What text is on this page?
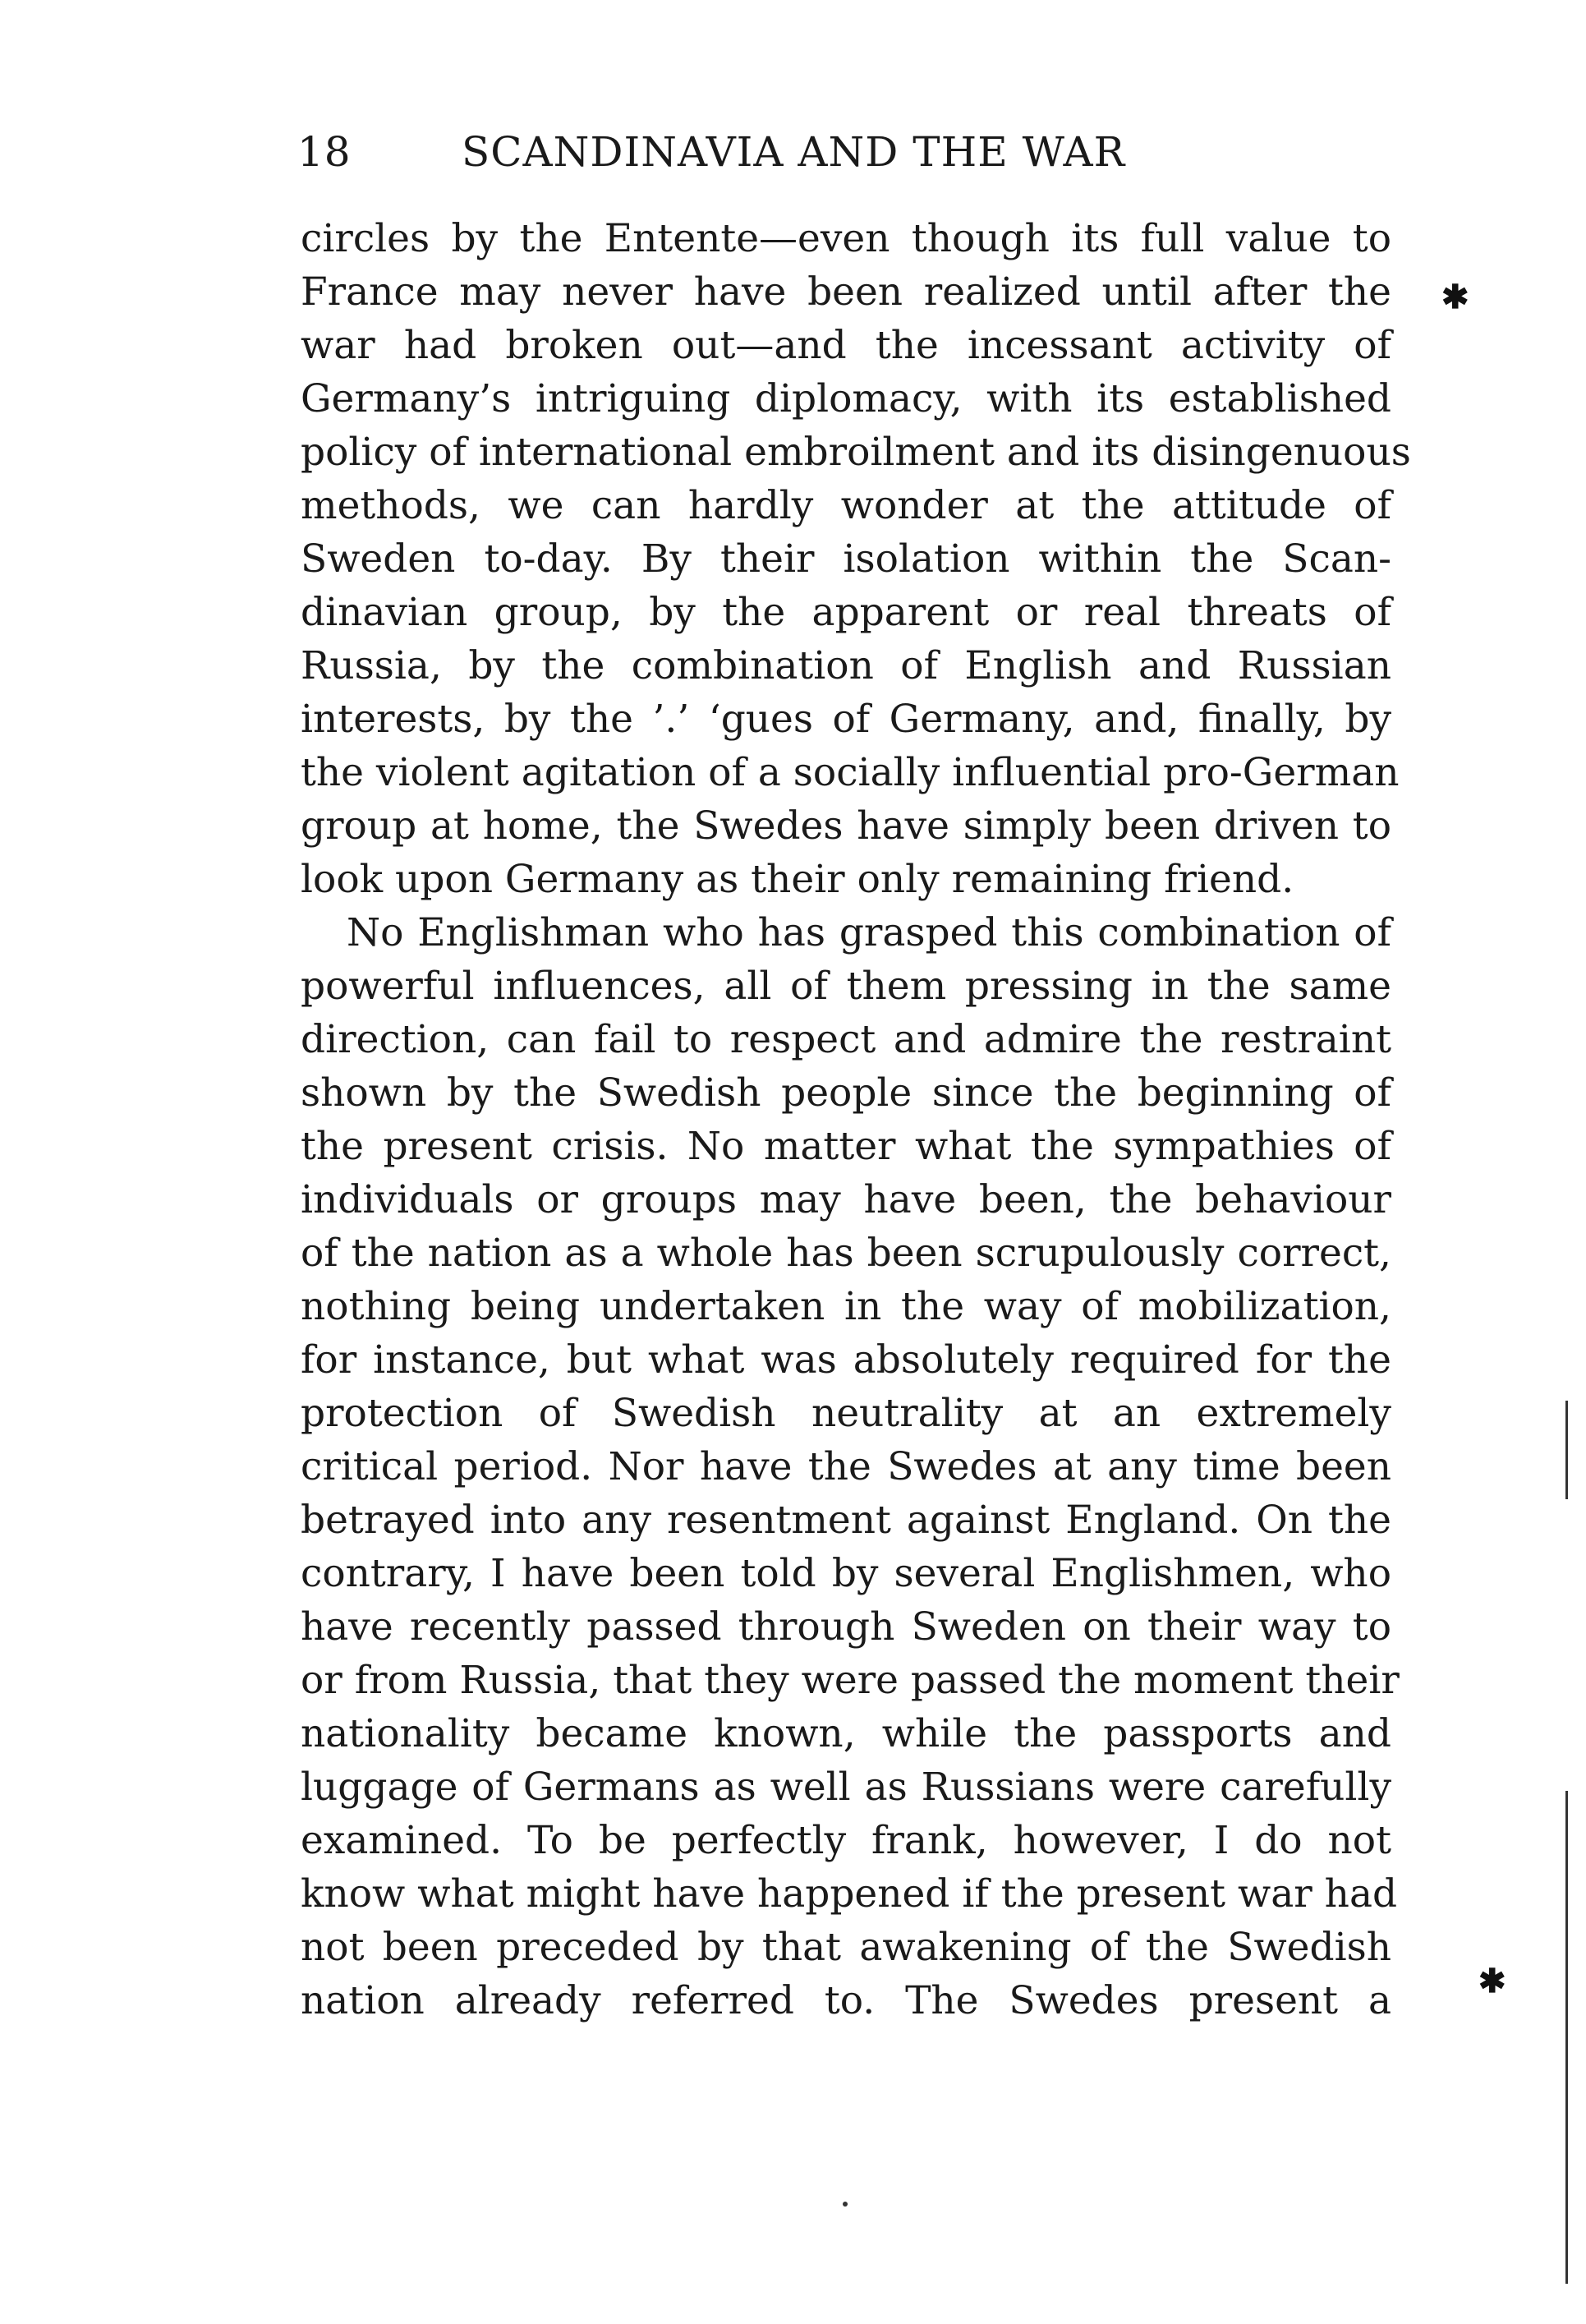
18	SCANDINAVIA AND THE WAR
circles by the Entente—even though its full value to
France may never have been realized until after the
war had broken out—and the incessant activity of
Germany’s intriguing diplomacy, with its established
policy of international embroilment and its disingenuous
methods, we can hardly wonder at the attitude of
Sweden to-day. By their isolation within the Scan-
dinavian group, by the apparent or real threats of
Russia, by the combination of English and Russian
interests, by the ’.’ ‘gues of Germany, and, finally, by
the violent agitation of a socially influential pro-German
group at home, the Swedes have simply been driven to
look upon Germany as their only remaining friend.
No Englishman who has grasped this combination of
powerful influences, all of them pressing in the same
direction, can fail to respect and admire the restraint
shown by the Swedish people since the beginning of
the present crisis. No matter what the sympathies of
individuals or groups may have been, the behaviour
of the nation as a whole has been scrupulously correct,
nothing being undertaken in the way of mobilization,
for instance, but what was absolutely required for the
protection of Swedish neutrality at an extremely
critical period. Nor have the Swedes at any time been
betrayed into any resentment against England. On the
contrary, I have been told by several Englishmen, who
have recently passed through Sweden on their way to
or from Russia, that they were passed the moment their
nationality became known, while the passports and
luggage of Germans as well as Russians were carefully
examined. To be perfectly frank, however, I do not
know what might have happened if the present war had
not been preceded by that awakening of the Swedish
nation already referred to. The Swedes present a
✱
✱
